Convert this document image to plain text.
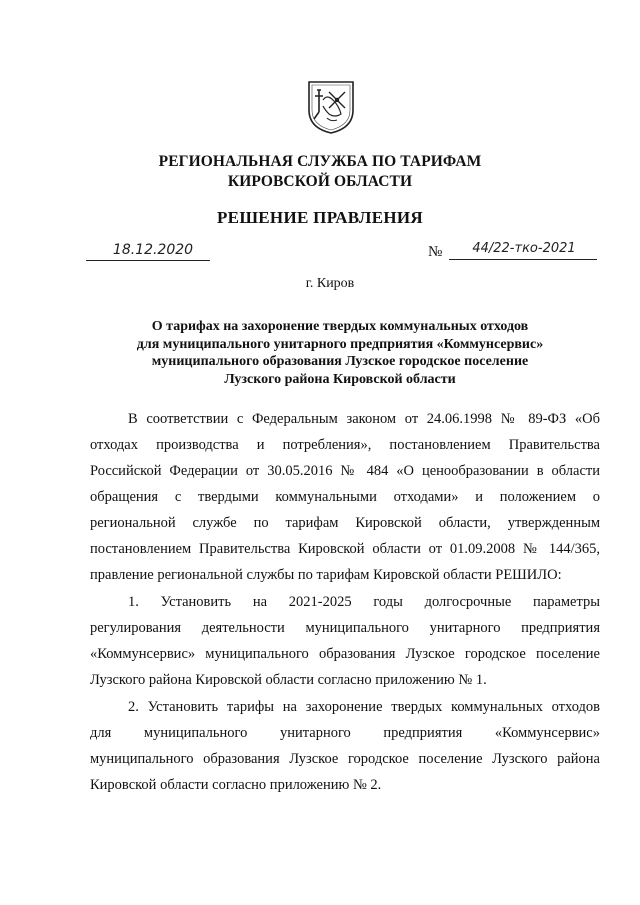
РЕГИОНАЛЬНАЯ СЛУЖБА ПО ТАРИФАМ
КИРОВСКОЙ ОБЛАСТИ
РЕШЕНИЕ ПРАВЛЕНИЯ
18.12.2020	№	44/22-тко-2021
г. Киров
О тарифах на захоронение твердых коммунальных отходов
для муниципального унитарного предприятия «Коммунсервис»
муниципального образования Лузское городское поселение
Лузского района Кировской области
В соответствии с Федеральным законом от 24.06.1998 № 89-ФЗ «Об
отходах производства и потребления», постановлением Правительства
Российской Федерации от 30.05.2016 № 484 «О ценообразовании в области
обращения с твердыми коммунальными отходами» и положением о
региональной службе по тарифам Кировской области, утвержденным
постановлением Правительства Кировской области от 01.09.2008 № 144/365,
правление региональной службы по тарифам Кировской области РЕШИЛО:
1. Установить на 2021-2025 годы долгосрочные параметры
регулирования деятельности муниципального унитарного предприятия
«Коммунсервис» муниципального образования Лузское городское поселение
Лузского района Кировской области согласно приложению № 1.
2. Установить тарифы на захоронение твердых коммунальных отходов
для муниципального унитарного предприятия «Коммунсервис»
муниципального образования Лузское городское поселение Лузского района
Кировской области согласно приложению № 2.
